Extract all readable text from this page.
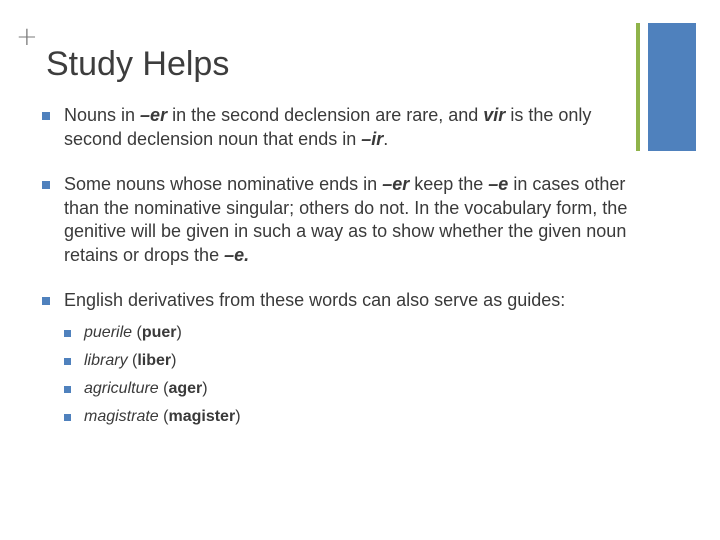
+
Study Helps
Nouns in –er in the second declension are rare, and vir is the only second declension noun that ends in –ir.
Some nouns whose nominative ends in –er keep the –e in cases other than the nominative singular; others do not. In the vocabulary form, the genitive will be given in such a way as to show whether the given noun retains or drops the –e.
English derivatives from these words can also serve as guides:
puerile (puer)
library (liber)
agriculture (ager)
magistrate (magister)
